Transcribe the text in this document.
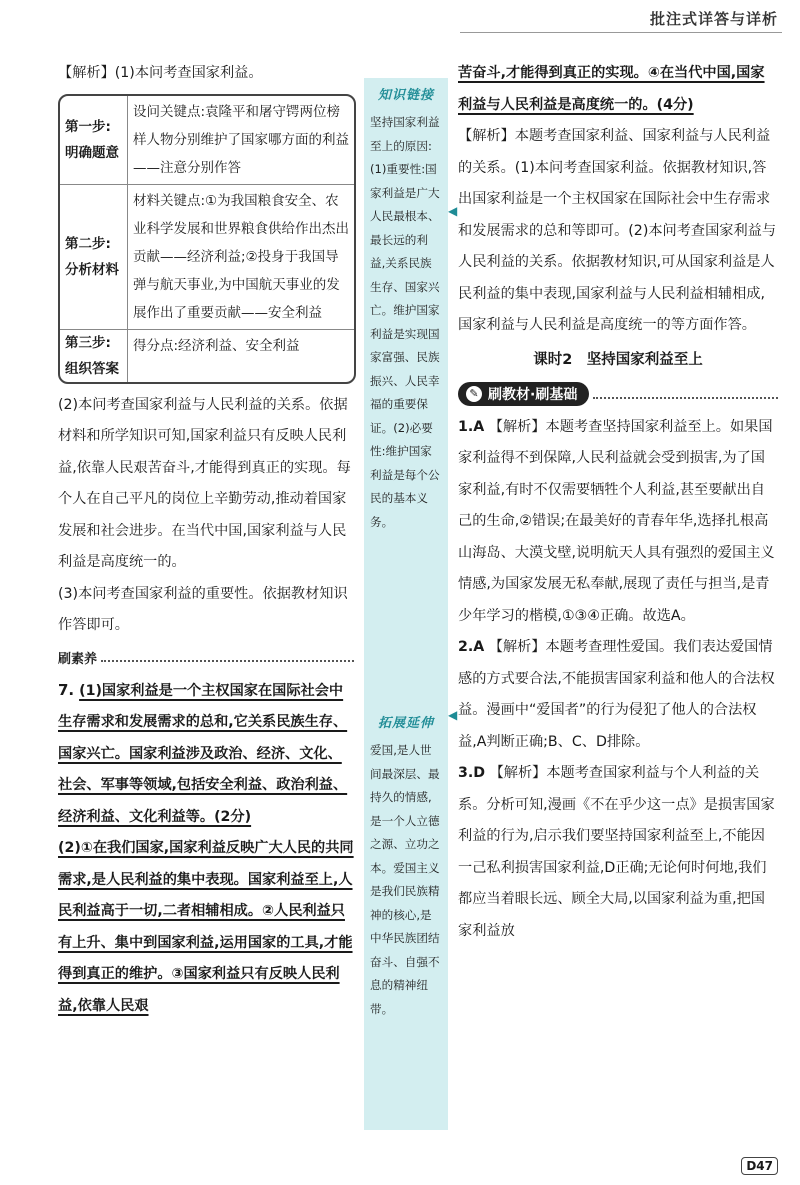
批注式详答与详析

【解析】(1)本问考查国家利益。

第一步:
明确题意
设问关键点:袁隆平和屠守锷两位榜样人物分别维护了国家哪方面的利益——注意分别作答
第二步:
分析材料
材料关键点:①为我国粮食安全、农业科学发展和世界粮食供给作出杰出贡献——经济利益;②投身于我国导弹与航天事业,为中国航天事业的发展作出了重要贡献——安全利益
第三步:
组织答案
得分点:经济利益、安全利益

(2)本问考查国家利益与人民利益的关系。依据材料和所学知识可知,国家利益只有反映人民利益,依靠人民艰苦奋斗,才能得到真正的实现。每个人在自己平凡的岗位上辛勤劳动,推动着国家发展和社会进步。在当代中国,国家利益与人民利益是高度统一的。

(3)本问考查国家利益的重要性。依据教材知识作答即可。

刷素养

7. (1)国家利益是一个主权国家在国际社会中生存需求和发展需求的总和,它关系民族生存、国家兴亡。国家利益涉及政治、经济、文化、社会、军事等领域,包括安全利益、政治利益、经济利益、文化利益等。(2分)

(2)①在我们国家,国家利益反映广大人民的共同需求,是人民利益的集中表现。国家利益至上,人民利益高于一切,二者相辅相成。②人民利益只有上升、集中到国家利益,运用国家的工具,才能得到真正的维护。③国家利益只有反映人民利益,依靠人民艰

知识链接
坚持国家利益至上的原因:(1)重要性:国家利益是广大人民最根本、最长远的利益,关系民族生存、国家兴亡。维护国家利益是实现国家富强、民族振兴、人民幸福的重要保证。(2)必要性:维护国家利益是每个公民的基本义务。
拓展延伸
爱国,是人世间最深层、最持久的情感,是一个人立德之源、立功之本。爱国主义是我们民族精神的核心,是中华民族团结奋斗、自强不息的精神纽带。
◀
◀

苦奋斗,才能得到真正的实现。④在当代中国,国家利益与人民利益是高度统一的。(4分)

【解析】本题考查国家利益、国家利益与人民利益的关系。(1)本问考查国家利益。依据教材知识,答出国家利益是一个主权国家在国际社会中生存需求和发展需求的总和等即可。(2)本问考查国家利益与人民利益的关系。依据教材知识,可从国家利益是人民利益的集中表现,国家利益与人民利益相辅相成,国家利益与人民利益是高度统一的等方面作答。

课时2　坚持国家利益至上
✎ 刷教材·刷基础

1.A 【解析】本题考查坚持国家利益至上。如果国家利益得不到保障,人民利益就会受到损害,为了国家利益,有时不仅需要牺牲个人利益,甚至要献出自己的生命,②错误;在最美好的青春年华,选择扎根高山海岛、大漠戈壁,说明航天人具有强烈的爱国主义情感,为国家发展无私奉献,展现了责任与担当,是青少年学习的楷模,①③④正确。故选A。

2.A 【解析】本题考查理性爱国。我们表达爱国情感的方式要合法,不能损害国家利益和他人的合法权益。漫画中“爱国者”的行为侵犯了他人的合法权益,A判断正确;B、C、D排除。

3.D 【解析】本题考查国家利益与个人利益的关系。分析可知,漫画《不在乎少这一点》是损害国家利益的行为,启示我们要坚持国家利益至上,不能因一己私利损害国家利益,D正确;无论何时何地,我们都应当着眼长远、顾全大局,以国家利益为重,把国家利益放

D47
